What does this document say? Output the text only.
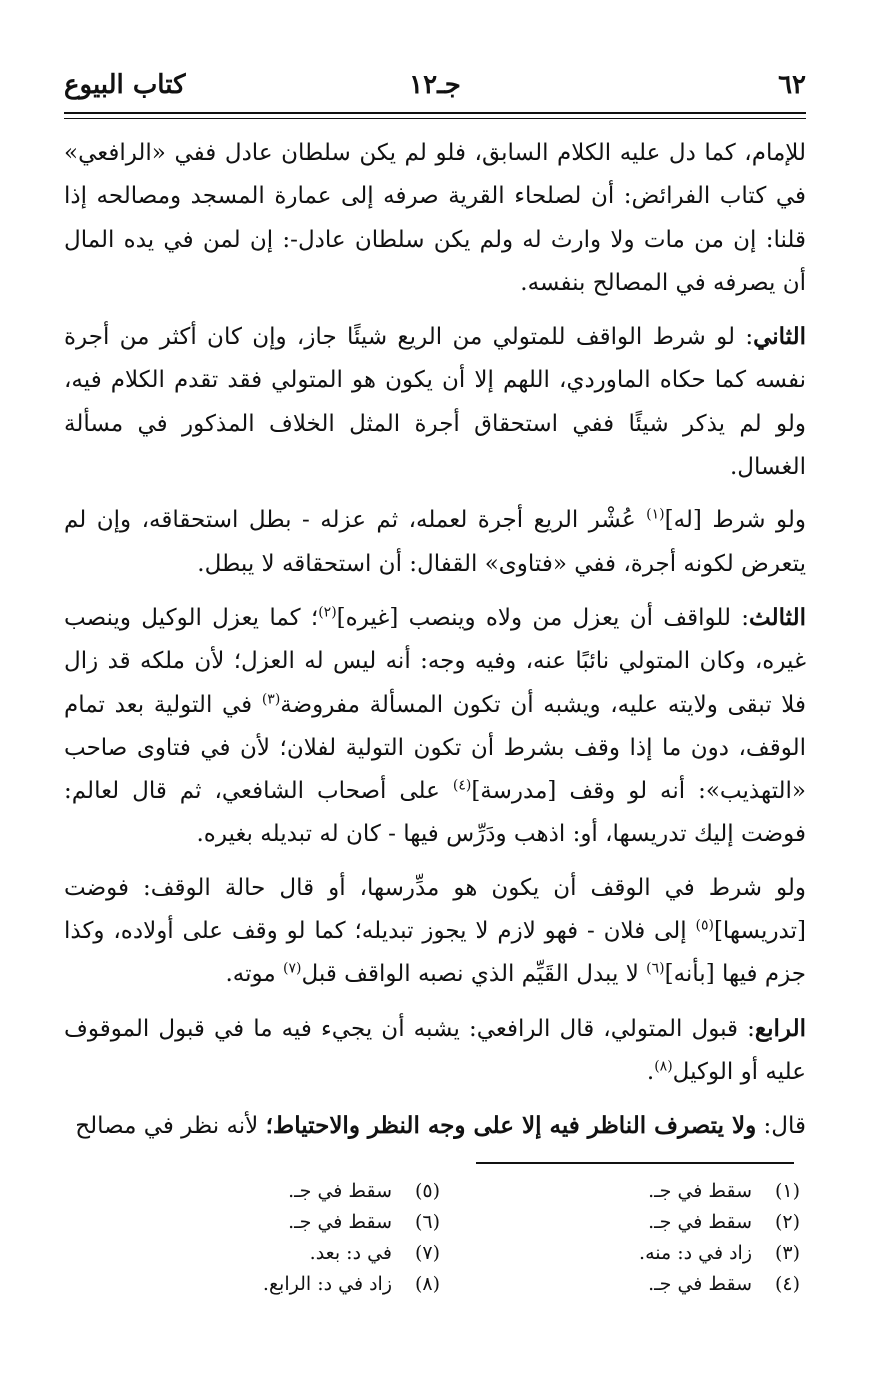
٦٢
جـ١٢
كتاب البيوع

للإمام، كما دل عليه الكلام السابق، فلو لم يكن سلطان عادل ففي «الرافعي» في كتاب الفرائض: أن لصلحاء القرية صرفه إلى عمارة المسجد ومصالحه إذا قلنا: إن من مات ولا وارث له ولم يكن سلطان عادل-: إن لمن في يده المال أن يصرفه في المصالح بنفسه.

الثاني: لو شرط الواقف للمتولي من الريع شيئًا جاز، وإن كان أكثر من أجرة نفسه كما حكاه الماوردي، اللهم إلا أن يكون هو المتولي فقد تقدم الكلام فيه، ولو لم يذكر شيئًا ففي استحقاق أجرة المثل الخلاف المذكور في مسألة الغسال.

ولو شرط [له]$^{(١)}$ عُشْر الريع أجرة لعمله، ثم عزله - بطل استحقاقه، وإن لم يتعرض لكونه أجرة، ففي «فتاوى» القفال: أن استحقاقه لا يبطل.

الثالث: للواقف أن يعزل من ولاه وينصب [غيره]$^{(٢)}$؛ كما يعزل الوكيل وينصب غيره، وكان المتولي نائبًا عنه، وفيه وجه: أنه ليس له العزل؛ لأن ملكه قد زال فلا تبقى ولايته عليه، ويشبه أن تكون المسألة مفروضة$^{(٣)}$ في التولية بعد تمام الوقف، دون ما إذا وقف بشرط أن تكون التولية لفلان؛ لأن في فتاوى صاحب «التهذيب»: أنه لو وقف [مدرسة]$^{(٤)}$ على أصحاب الشافعي، ثم قال لعالم: فوضت إليك تدريسها، أو: اذهب ودَرِّس فيها - كان له تبديله بغيره.

ولو شرط في الوقف أن يكون هو مدِّرسها، أو قال حالة الوقف: فوضت [تدريسها]$^{(٥)}$ إلى فلان - فهو لازم لا يجوز تبديله؛ كما لو وقف على أولاده، وكذا جزم فيها [بأنه]$^{(٦)}$ لا يبدل القَيِّم الذي نصبه الواقف قبل$^{(٧)}$ موته.

الرابع: قبول المتولي، قال الرافعي: يشبه أن يجيء فيه ما في قبول الموقوف عليه أو الوكيل$^{(٨)}$.

قال: ولا يتصرف الناظر فيه إلا على وجه النظر والاحتياط؛ لأنه نظر في مصالح

(١)سقط في جـ.
(٢)سقط في جـ.
(٣)زاد في د: منه.
(٤)سقط في جـ.
(٥)سقط في جـ.
(٦)سقط في جـ.
(٧)في د: بعد.
(٨)زاد في د: الرابع.
